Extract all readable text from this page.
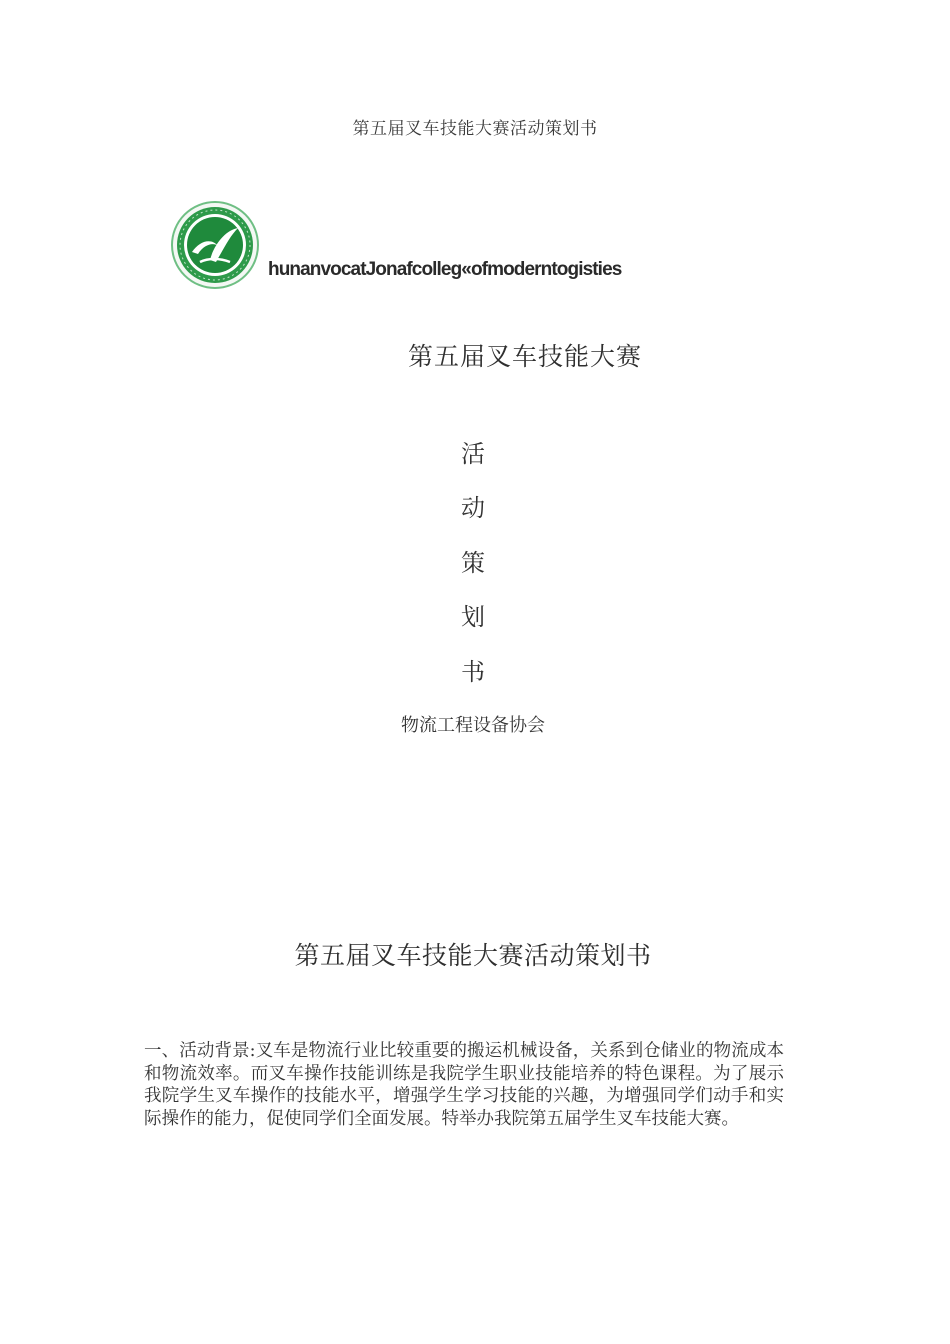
第五届叉车技能大赛活动策划书
hunanvocatJonafcolleg«ofmoderntogisties
第五届叉车技能大赛
活
动
策
划
书
物流工程设备协会
第五届叉车技能大赛活动策划书
一、活动背景:叉车是物流行业比较重要的搬运机械设备，关系到仓储业的物流成本和物流效率。而叉车操作技能训练是我院学生职业技能培养的特色课程。为了展示我院学生叉车操作的技能水平，增强学生学习技能的兴趣，为增强同学们动手和实际操作的能力，促使同学们全面发展。特举办我院第五届学生叉车技能大赛。
